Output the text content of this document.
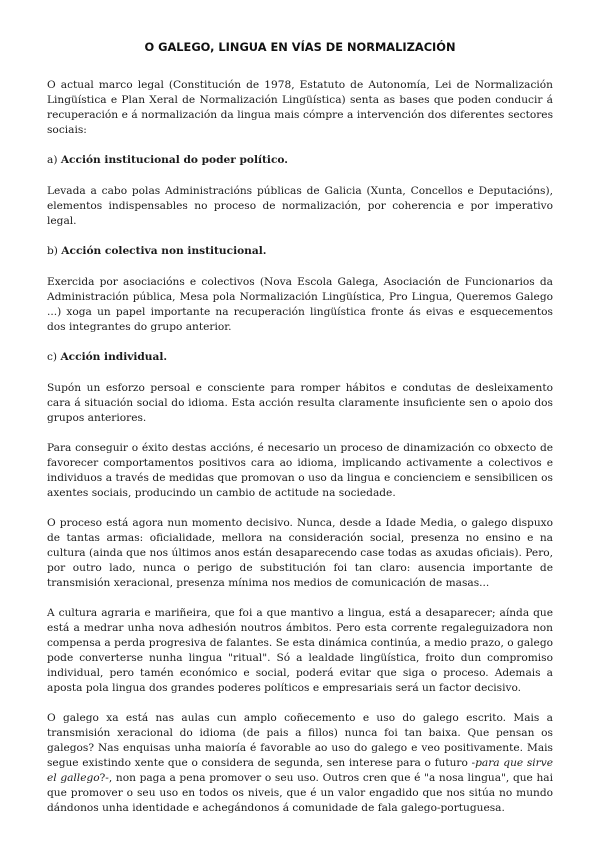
O GALEGO, LINGUA EN VÍAS DE NORMALIZACIÓN

O actual marco legal (Constitución de 1978, Estatuto de Autonomía, Lei de Normalización Lingüística e Plan Xeral de Normalización Lingüística) senta as bases que poden conducir á recuperación e á normalización da lingua mais cómpre a intervención dos diferentes sectores sociais:

a) Acción institucional do poder político.

Levada a cabo polas Administracións públicas de Galicia (Xunta, Concellos e Deputacións), elementos indispensables no proceso de normalización, por coherencia e por imperativo legal.

b) Acción colectiva non institucional.

Exercida por asociacións e colectivos (Nova Escola Galega, Asociación de Funcionarios da Administración pública, Mesa pola Normalización Lingüística, Pro Lingua, Queremos Galego ...) xoga un papel importante na recuperación lingüística fronte ás eivas e esquecementos dos integrantes do grupo anterior.

c) Acción individual.

Supón un esforzo persoal e consciente para romper hábitos e condutas de desleixamento cara á situación social do idioma. Esta acción resulta claramente insuficiente sen o apoio dos grupos anteriores.

Para conseguir o éxito destas accións, é necesario un proceso de dinamización co obxecto de favorecer comportamentos positivos cara ao idioma, implicando activamente a colectivos e individuos a través de medidas que promovan o uso da lingua e concienciem e sensibilicen os axentes sociais, producindo un cambio de actitude na sociedade.

O proceso está agora nun momento decisivo. Nunca, desde a Idade Media, o galego dispuxo de tantas armas: oficialidade, mellora na consideración social, presenza no ensino e na cultura (ainda que nos últimos anos están desaparecendo case todas as axudas oficiais). Pero, por outro lado, nunca o perigo de substitución foi tan claro: ausencia importante de transmisión xeracional, presenza mínima nos medios de comunicación de masas...

A cultura agraria e mariñeira, que foi a que mantivo a lingua, está a desaparecer; aínda que está a medrar unha nova adhesión noutros ámbitos. Pero esta corrente regaleguizadora non compensa a perda progresiva de falantes. Se esta dinámica continúa, a medio prazo, o galego pode converterse nunha lingua "ritual". Só a lealdade lingüística, froito dun compromiso individual, pero tamén económico e social, poderá evitar que siga o proceso. Ademais a aposta pola lingua dos grandes poderes políticos e empresariais será un factor decisivo.

O galego xa está nas aulas cun amplo coñecemento e uso do galego escrito. Mais a transmisión xeracional do idioma (de pais a fillos) nunca foi tan baixa. Que pensan os galegos? Nas enquisas unha maioría é favorable ao uso do galego e veo positivamente. Mais segue existindo xente que o considera de segunda, sen interese para o futuro -para que sirve el gallego?-, non paga a pena promover o seu uso. Outros cren que é "a nosa lingua", que hai que promover o seu uso en todos os niveis, que é un valor engadido que nos sitúa no mundo dándonos unha identidade e achegándonos á comunidade de fala galego-portuguesa.
